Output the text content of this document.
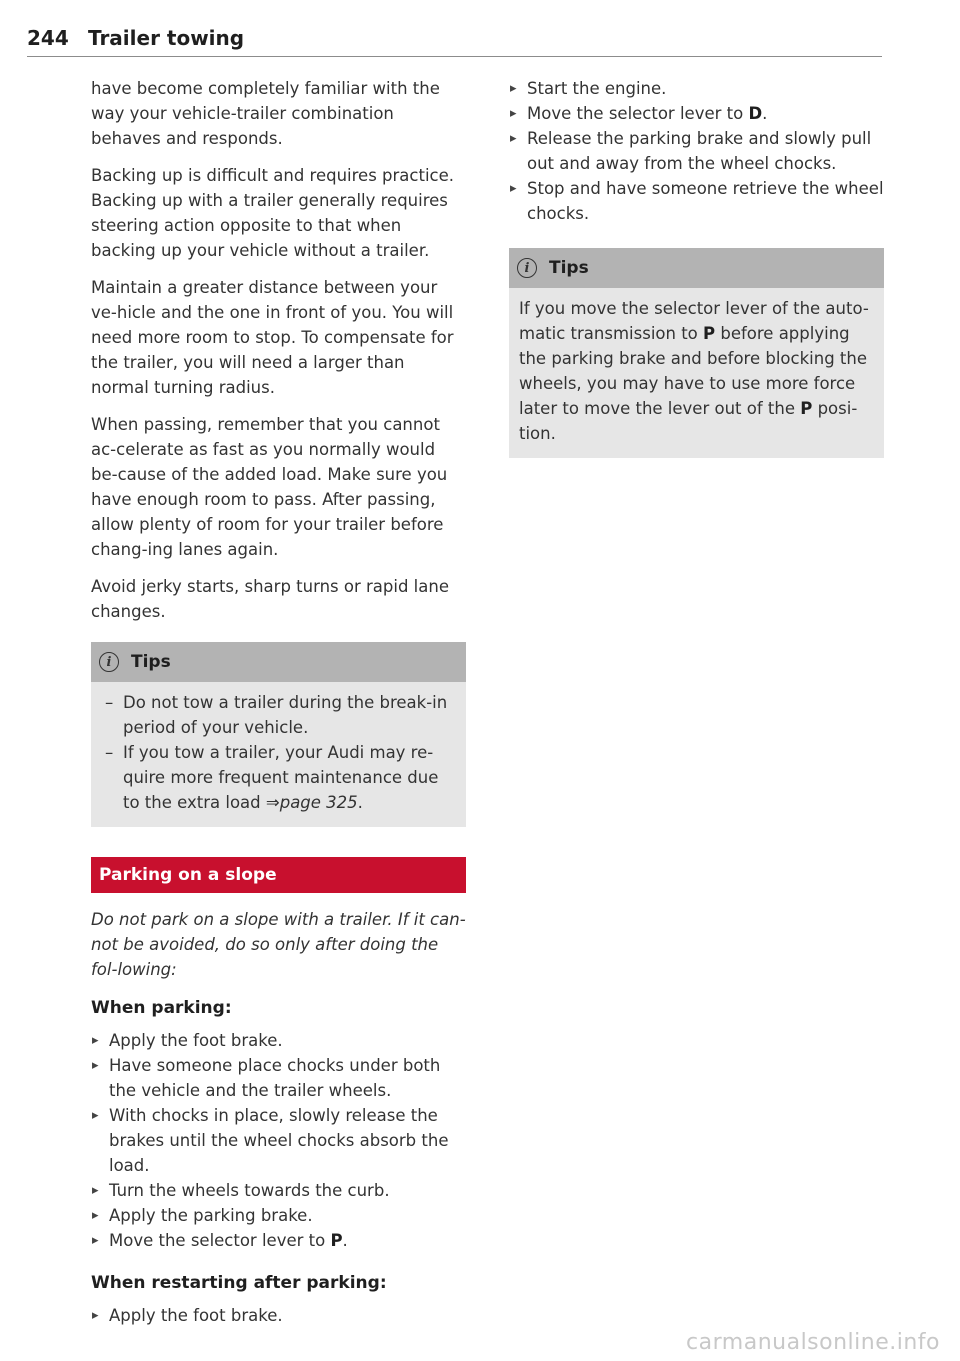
244 Trailer towing

have become completely familiar with the way your vehicle-trailer combination behaves and responds.

Backing up is difficult and requires practice. Backing up with a trailer generally requires steering action opposite to that when backing up your vehicle without a trailer.

Maintain a greater distance between your ve-hicle and the one in front of you. You will need more room to stop. To compensate for the trailer, you will need a larger than normal turning radius.

When passing, remember that you cannot ac-celerate as fast as you normally would be-cause of the added load. Make sure you have enough room to pass. After passing, allow plenty of room for your trailer before chang-ing lanes again.

Avoid jerky starts, sharp turns or rapid lane changes.

i	Tips
– Do not tow a trailer during the break-in period of your vehicle.
– If you tow a trailer, your Audi may re-quire more frequent maintenance due to the extra load ⇒page 325.
Parking on a slope
Do not park on a slope with a trailer. If it can-not be avoided, do so only after doing the fol-lowing:
When parking:
▸ Apply the foot brake.
▸ Have someone place chocks under both the vehicle and the trailer wheels.
▸ With chocks in place, slowly release the brakes until the wheel chocks absorb the load.
▸ Turn the wheels towards the curb.
▸ Apply the parking brake.
▸ Move the selector lever to P.
When restarting after parking:
▸ Apply the foot brake.
▸ Start the engine.
▸ Move the selector lever to D.
▸ Release the parking brake and slowly pull out and away from the wheel chocks.
▸ Stop and have someone retrieve the wheel chocks.
i	Tips

If you move the selector lever of the auto-matic transmission to P before applying the parking brake and before blocking the wheels, you may have to use more force later to move the lever out of the P posi-tion.

carmanualsonline.info
